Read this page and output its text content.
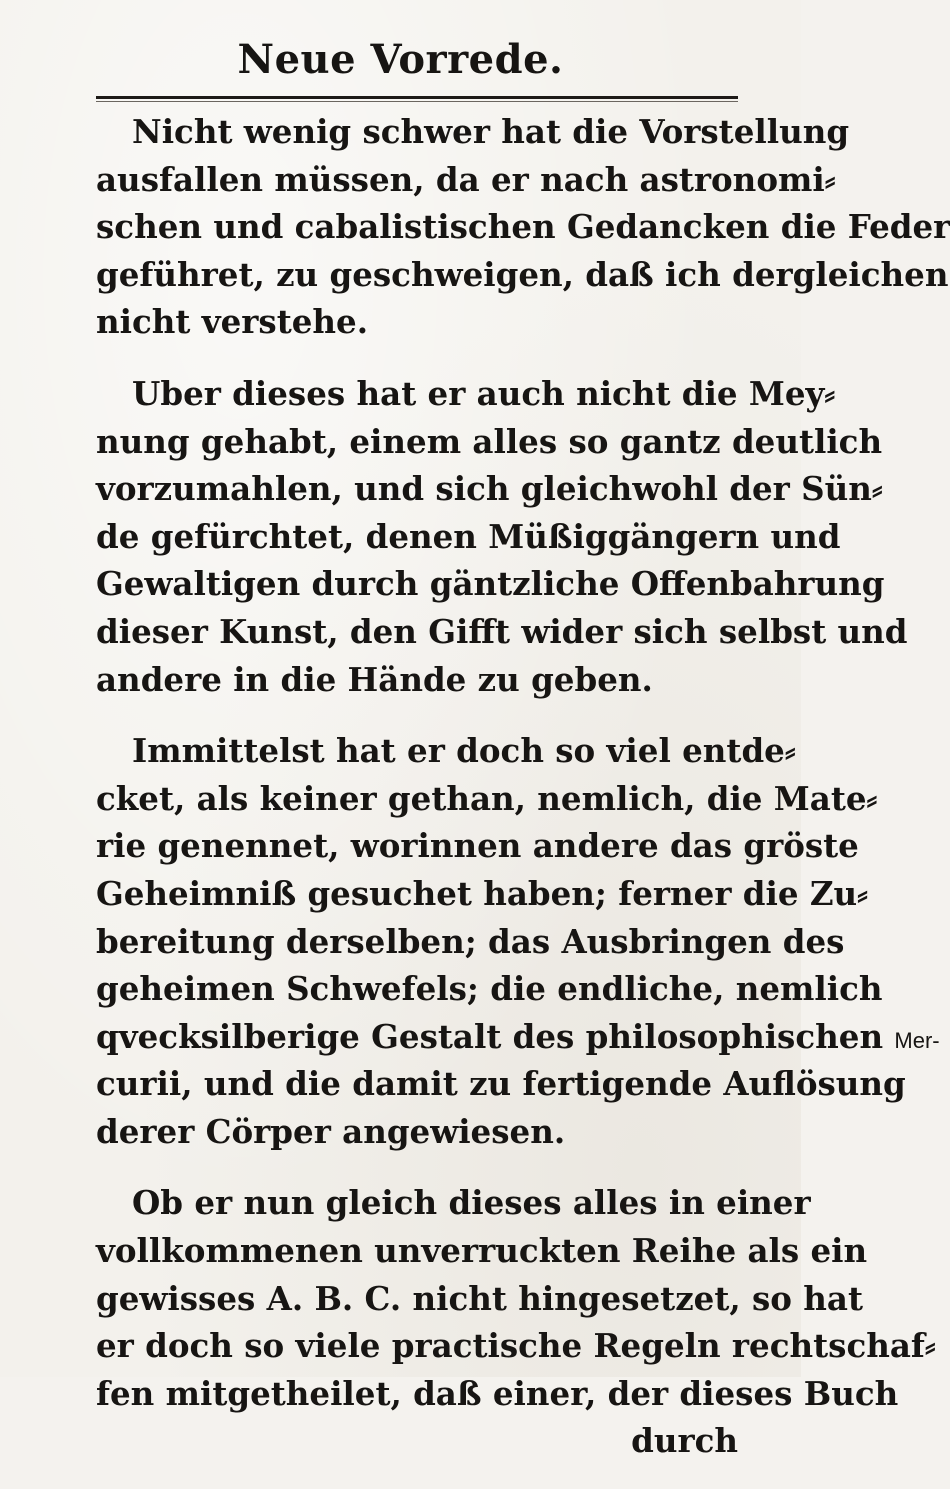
Neue Vorrede.
Nicht wenig schwer hat die Vorstellung
ausfallen müssen, da er nach astronomi⸗
schen und cabalistischen Gedancken die Feder
geführet, zu geschweigen, daß ich dergleichen
nicht verstehe.
Uber dieses hat er auch nicht die Mey⸗
nung gehabt, einem alles so gantz deutlich
vorzumahlen, und sich gleichwohl der Sün⸗
de gefürchtet, denen Müßiggängern und
Gewaltigen durch gäntzliche Offenbahrung
dieser Kunst, den Gifft wider sich selbst und
andere in die Hände zu geben.
Immittelst hat er doch so viel entde⸗
cket, als keiner gethan, nemlich, die Mate⸗
rie genennet, worinnen andere das gröste
Geheimniß gesuchet haben; ferner die Zu⸗
bereitung derselben; das Ausbringen des
geheimen Schwefels; die endliche, nemlich
qvecksilberige Gestalt des philosophischen Mer-
curii, und die damit zu fertigende Auflösung
derer Cörper angewiesen.
Ob er nun gleich dieses alles in einer
vollkommenen unverruckten Reihe als ein
gewisses A. B. C. nicht hingesetzet, so hat
er doch so viele practische Regeln rechtschaf⸗
fen mitgetheilet, daß einer, der dieses Buch
durch
